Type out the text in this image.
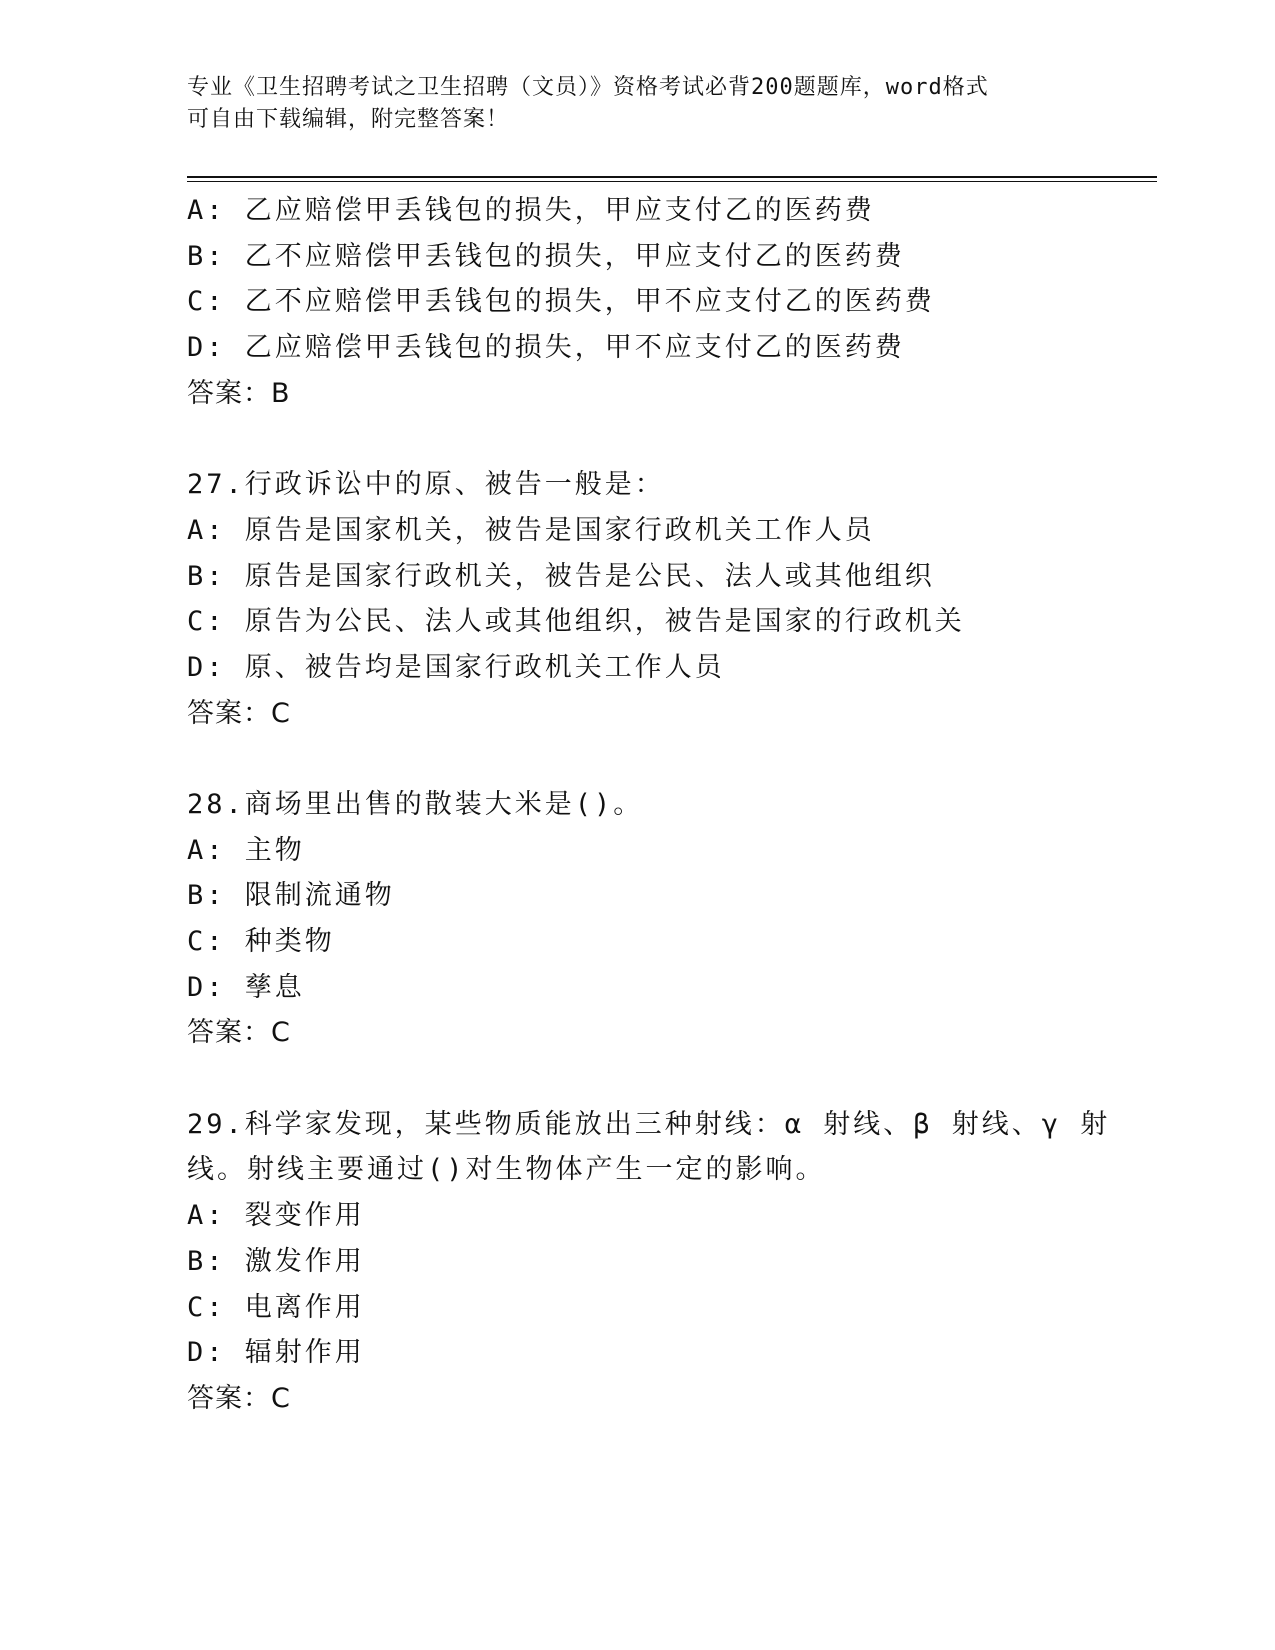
专业《卫生招聘考试之卫生招聘（文员）》资格考试必背200题题库，word格式
可自由下载编辑，附完整答案！
A: 乙应赔偿甲丢钱包的损失，甲应支付乙的医药费
B: 乙不应赔偿甲丢钱包的损失，甲应支付乙的医药费
C: 乙不应赔偿甲丢钱包的损失，甲不应支付乙的医药费
D: 乙应赔偿甲丢钱包的损失，甲不应支付乙的医药费
答案：B
27.行政诉讼中的原、被告一般是：
A: 原告是国家机关，被告是国家行政机关工作人员
B: 原告是国家行政机关，被告是公民、法人或其他组织
C: 原告为公民、法人或其他组织，被告是国家的行政机关
D: 原、被告均是国家行政机关工作人员
答案：C
28.商场里出售的散装大米是()。
A: 主物
B: 限制流通物
C: 种类物
D: 孳息
答案：C
29.科学家发现，某些物质能放出三种射线：α 射线、β 射线、γ 射
线。射线主要通过()对生物体产生一定的影响。
A: 裂变作用
B: 激发作用
C: 电离作用
D: 辐射作用
答案：C
